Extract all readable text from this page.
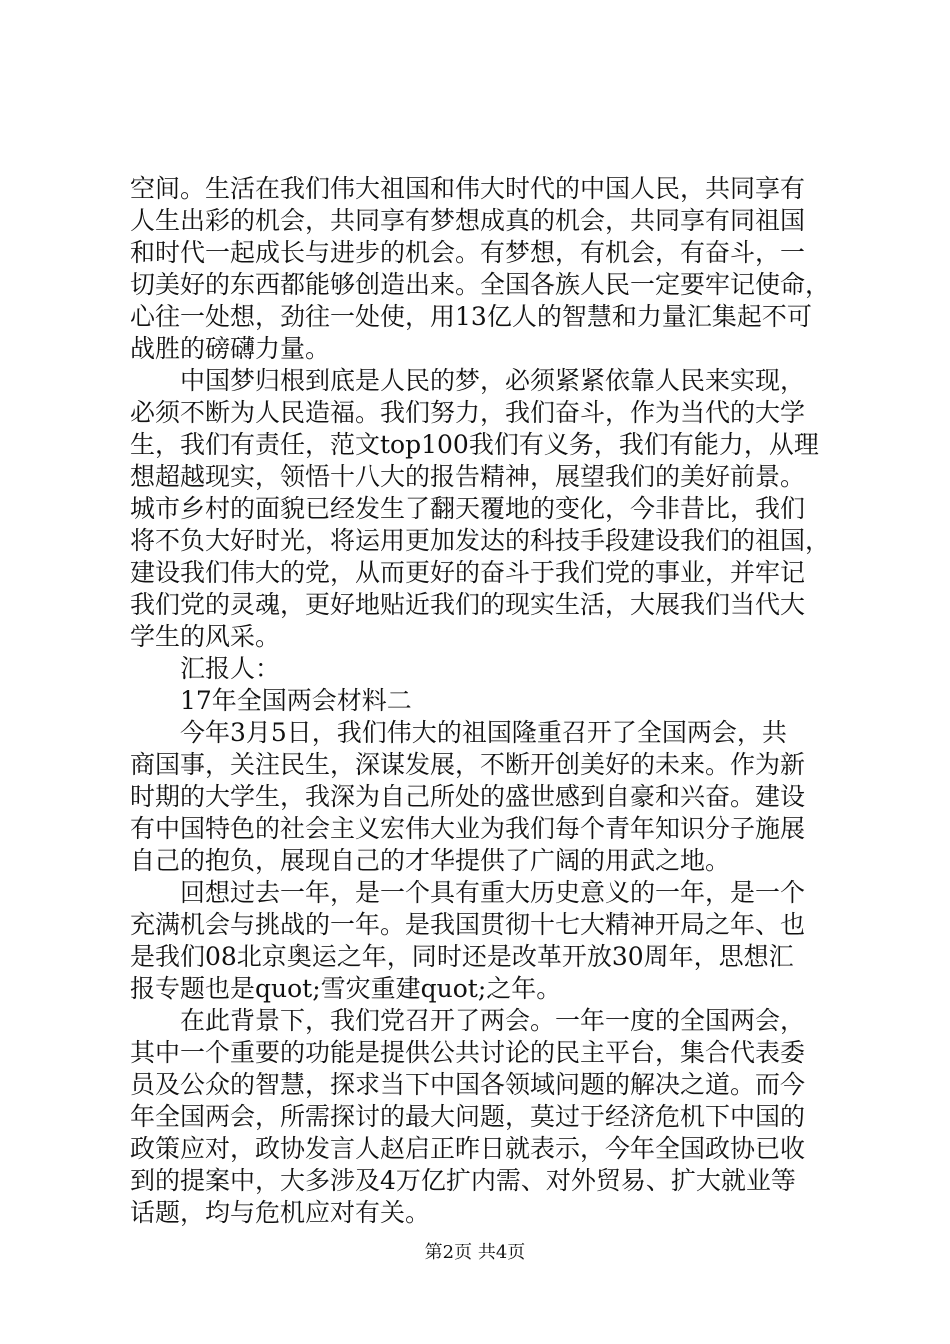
空间。生活在我们伟大祖国和伟大时代的中国人民，共同享有
人生出彩的机会，共同享有梦想成真的机会，共同享有同祖国
和时代一起成长与进步的机会。有梦想，有机会，有奋斗，一
切美好的东西都能够创造出来。全国各族人民一定要牢记使命，
心往一处想，劲往一处使，用13亿人的智慧和力量汇集起不可
战胜的磅礴力量。
　　中国梦归根到底是人民的梦，必须紧紧依靠人民来实现，
必须不断为人民造福。我们努力，我们奋斗，作为当代的大学
生，我们有责任，范文top100我们有义务，我们有能力，从理
想超越现实，领悟十八大的报告精神，展望我们的美好前景。
城市乡村的面貌已经发生了翻天覆地的变化，今非昔比，我们
将不负大好时光，将运用更加发达的科技手段建设我们的祖国，
建设我们伟大的党，从而更好的奋斗于我们党的事业，并牢记
我们党的灵魂，更好地贴近我们的现实生活，大展我们当代大
学生的风采。
　　汇报人：
　　17年全国两会材料二
　　今年3月5日，我们伟大的祖国隆重召开了全国两会，共
商国事，关注民生，深谋发展，不断开创美好的未来。作为新
时期的大学生，我深为自己所处的盛世感到自豪和兴奋。建设
有中国特色的社会主义宏伟大业为我们每个青年知识分子施展
自己的抱负，展现自己的才华提供了广阔的用武之地。
　　回想过去一年，是一个具有重大历史意义的一年，是一个
充满机会与挑战的一年。是我国贯彻十七大精神开局之年、也
是我们08北京奥运之年，同时还是改革开放30周年，思想汇
报专题也是quot;雪灾重建quot;之年。
　　在此背景下，我们党召开了两会。一年一度的全国两会，
其中一个重要的功能是提供公共讨论的民主平台，集合代表委
员及公众的智慧，探求当下中国各领域问题的解决之道。而今
年全国两会，所需探讨的最大问题，莫过于经济危机下中国的
政策应对，政协发言人赵启正昨日就表示，今年全国政协已收
到的提案中，大多涉及4万亿扩内需、对外贸易、扩大就业等
话题，均与危机应对有关。
第2页 共4页
